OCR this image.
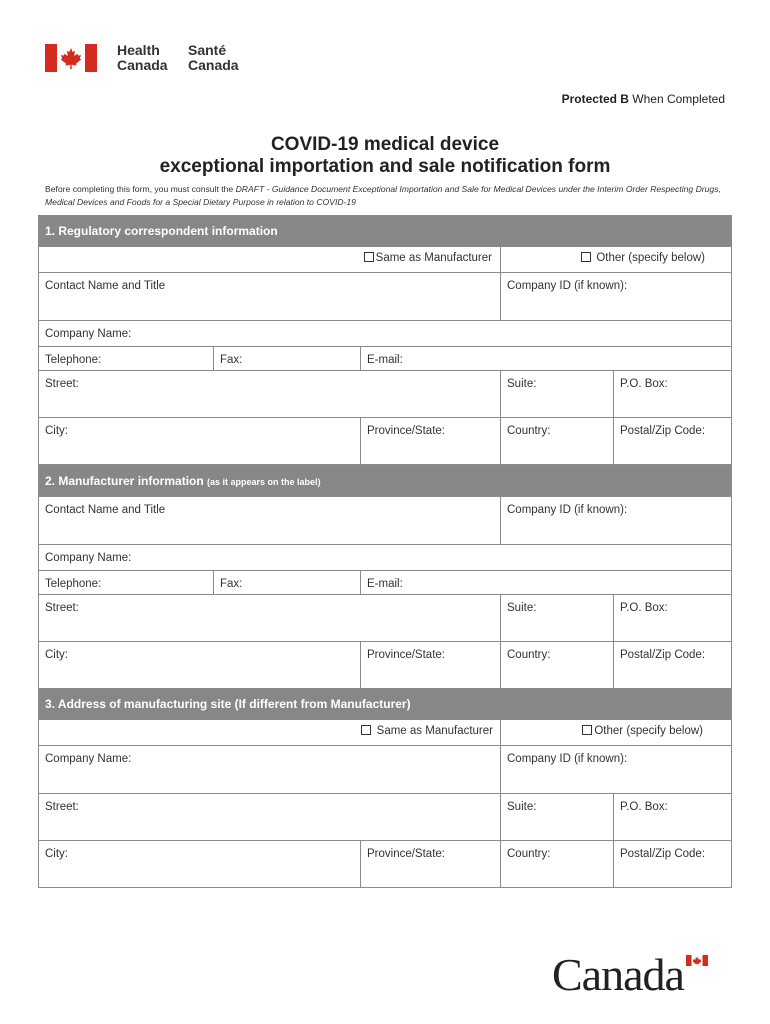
Health
Canada
Santé
Canada
Protected B When Completed
COVID-19 medical device
exceptional importation and sale notification form
Before completing this form, you must consult the DRAFT - Guidance Document Exceptional Importation and Sale for Medical Devices under the Interim Order Respecting Drugs, Medical Devices and Foods for a Special Dietary Purpose in relation to COVID-19
1. Regulatory correspondent information				
Same as Manufacturer			Other (specify below)	
Contact Name and Title			Company ID (if known):	
Company Name:				
Telephone:	Fax:	E-mail:		
Street:			Suite:	P.O. Box:
City:		Province/State:	Country:	Postal/Zip Code:
2. Manufacturer information (as it appears on the label)				
Contact Name and Title			Company ID (if known):	
Company Name:				
Telephone:	Fax:	E-mail:		
Street:			Suite:	P.O. Box:
City:		Province/State:	Country:	Postal/Zip Code:
3. Address of manufacturing site (If different from Manufacturer)			
Same as Manufacturer		Other (specify below)	
Company Name:		Company ID (if known):	
Street:		Suite:	P.O. Box:
City:	Province/State:	Country:	Postal/Zip Code:
Canada
